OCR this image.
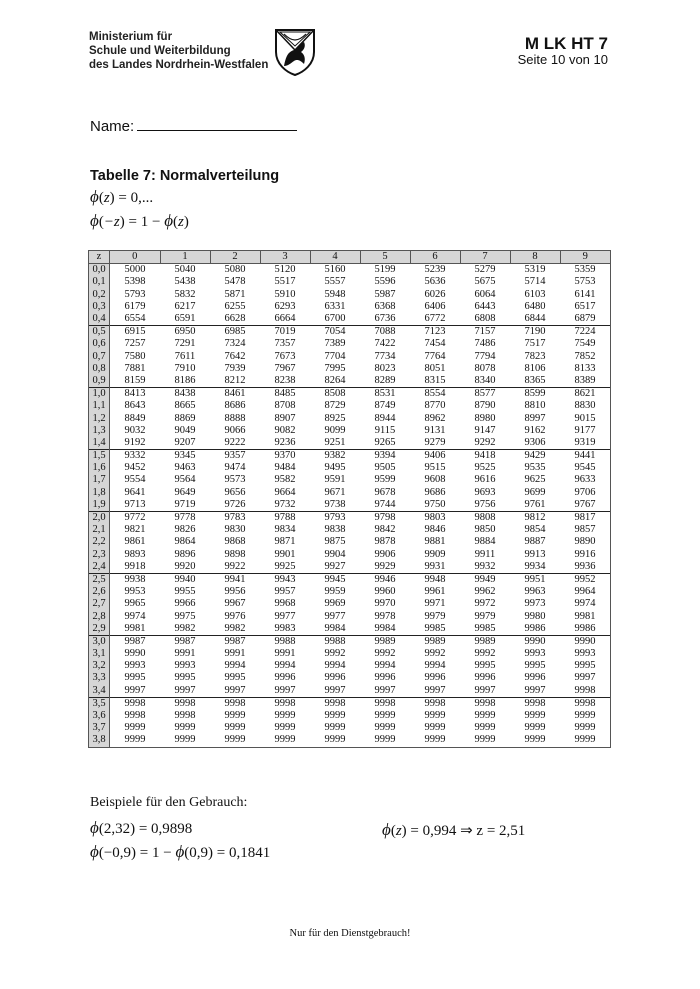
Ministerium für
Schule und Weiterbildung
des Landes Nordrhein-Westfalen
M LK HT 7
Seite 10 von 10
Name:
Tabelle 7: Normalverteilung
ϕ(z) = 0,...
ϕ(−z) = 1 − ϕ(z)
z	0	1	2	3	4	5	6	7	8	9
0,0	5000	5040	5080	5120	5160	5199	5239	5279	5319	5359
0,1	5398	5438	5478	5517	5557	5596	5636	5675	5714	5753
0,2	5793	5832	5871	5910	5948	5987	6026	6064	6103	6141
0,3	6179	6217	6255	6293	6331	6368	6406	6443	6480	6517
0,4	6554	6591	6628	6664	6700	6736	6772	6808	6844	6879
0,5	6915	6950	6985	7019	7054	7088	7123	7157	7190	7224
0,6	7257	7291	7324	7357	7389	7422	7454	7486	7517	7549
0,7	7580	7611	7642	7673	7704	7734	7764	7794	7823	7852
0,8	7881	7910	7939	7967	7995	8023	8051	8078	8106	8133
0,9	8159	8186	8212	8238	8264	8289	8315	8340	8365	8389
1,0	8413	8438	8461	8485	8508	8531	8554	8577	8599	8621
1,1	8643	8665	8686	8708	8729	8749	8770	8790	8810	8830
1,2	8849	8869	8888	8907	8925	8944	8962	8980	8997	9015
1,3	9032	9049	9066	9082	9099	9115	9131	9147	9162	9177
1,4	9192	9207	9222	9236	9251	9265	9279	9292	9306	9319
1,5	9332	9345	9357	9370	9382	9394	9406	9418	9429	9441
1,6	9452	9463	9474	9484	9495	9505	9515	9525	9535	9545
1,7	9554	9564	9573	9582	9591	9599	9608	9616	9625	9633
1,8	9641	9649	9656	9664	9671	9678	9686	9693	9699	9706
1,9	9713	9719	9726	9732	9738	9744	9750	9756	9761	9767
2,0	9772	9778	9783	9788	9793	9798	9803	9808	9812	9817
2,1	9821	9826	9830	9834	9838	9842	9846	9850	9854	9857
2,2	9861	9864	9868	9871	9875	9878	9881	9884	9887	9890
2,3	9893	9896	9898	9901	9904	9906	9909	9911	9913	9916
2,4	9918	9920	9922	9925	9927	9929	9931	9932	9934	9936
2,5	9938	9940	9941	9943	9945	9946	9948	9949	9951	9952
2,6	9953	9955	9956	9957	9959	9960	9961	9962	9963	9964
2,7	9965	9966	9967	9968	9969	9970	9971	9972	9973	9974
2,8	9974	9975	9976	9977	9977	9978	9979	9979	9980	9981
2,9	9981	9982	9982	9983	9984	9984	9985	9985	9986	9986
3,0	9987	9987	9987	9988	9988	9989	9989	9989	9990	9990
3,1	9990	9991	9991	9991	9992	9992	9992	9992	9993	9993
3,2	9993	9993	9994	9994	9994	9994	9994	9995	9995	9995
3,3	9995	9995	9995	9996	9996	9996	9996	9996	9996	9997
3,4	9997	9997	9997	9997	9997	9997	9997	9997	9997	9998
3,5	9998	9998	9998	9998	9998	9998	9998	9998	9998	9998
3,6	9998	9998	9999	9999	9999	9999	9999	9999	9999	9999
3,7	9999	9999	9999	9999	9999	9999	9999	9999	9999	9999
3,8	9999	9999	9999	9999	9999	9999	9999	9999	9999	9999
Beispiele für den Gebrauch:
ϕ(2,32) = 0,9898
ϕ(−0,9) = 1 − ϕ(0,9) = 0,1841
ϕ(z) = 0,994 ⇒ z = 2,51
Nur für den Dienstgebrauch!
